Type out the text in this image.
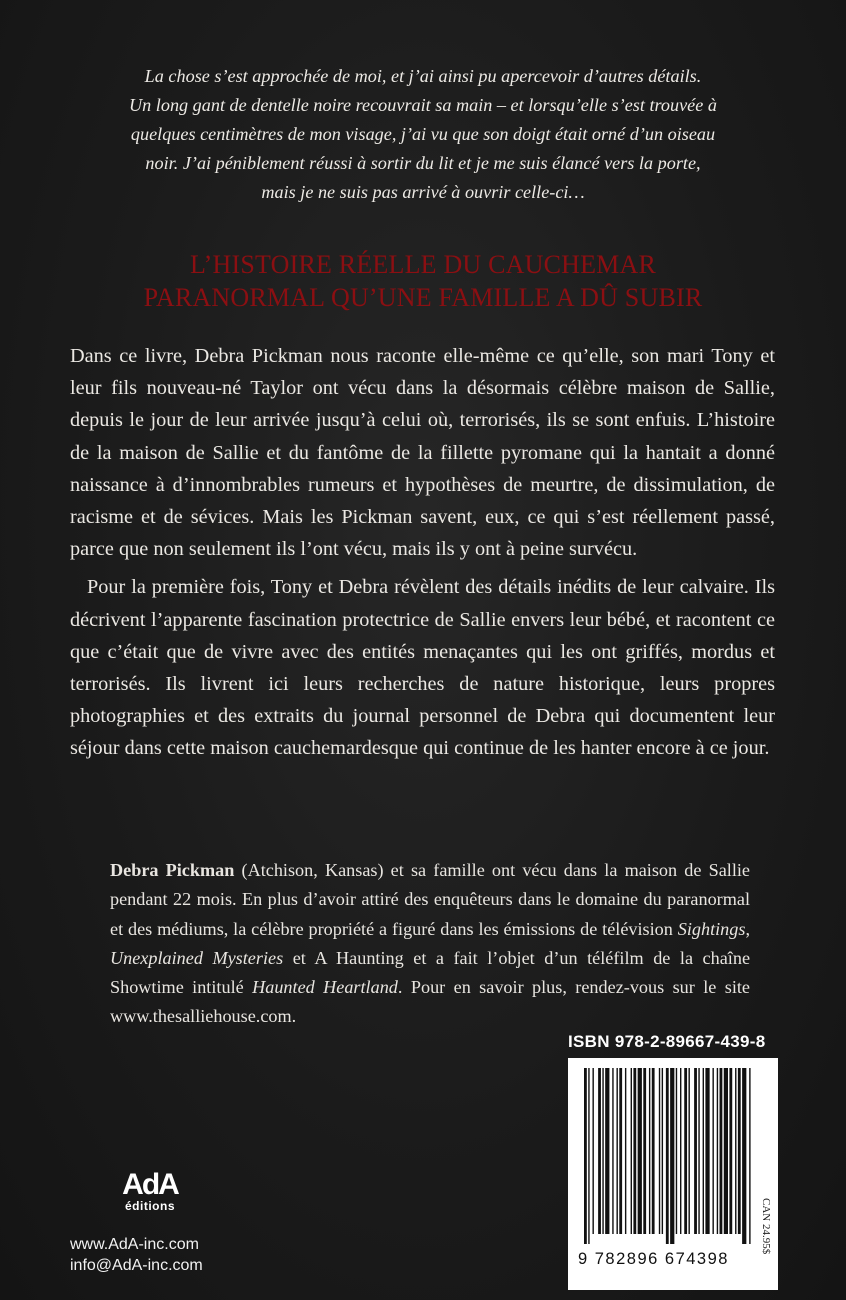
La chose s’est approchée de moi, et j’ai ainsi pu apercevoir d’autres détails.
Un long gant de dentelle noire recouvrait sa main – et lorsqu’elle s’est trouvée à
quelques centimètres de mon visage, j’ai vu que son doigt était orné d’un oiseau
noir. J’ai péniblement réussi à sortir du lit et je me suis élancé vers la porte,
mais je ne suis pas arrivé à ouvrir celle-ci…
L’HISTOIRE RÉELLE DU CAUCHEMAR
PARANORMAL QU’UNE FAMILLE A DÛ SUBIR

Dans ce livre, Debra Pickman nous raconte elle-même ce qu’elle, son mari Tony et leur fils nouveau-né Taylor ont vécu dans la désormais célèbre maison de Sallie, depuis le jour de leur arrivée jusqu’à celui où, terrorisés, ils se sont enfuis. L’histoire de la maison de Sallie et du fantôme de la fillette pyromane qui la hantait a donné naissance à d’innombrables rumeurs et hypothèses de meurtre, de dissimulation, de racisme et de sévices. Mais les Pickman savent, eux, ce qui s’est réellement passé, parce que non seulement ils l’ont vécu, mais ils y ont à peine survécu.

Pour la première fois, Tony et Debra révèlent des détails inédits de leur calvaire. Ils décrivent l’apparente fascination protectrice de Sallie envers leur bébé, et racontent ce que c’était que de vivre avec des entités menaçantes qui les ont griffés, mordus et terrorisés. Ils livrent ici leurs recherches de nature historique, leurs propres photographies et des extraits du journal personnel de Debra qui documentent leur séjour dans cette maison cauchemardesque qui continue de les hanter encore à ce jour.

Debra Pickman (Atchison, Kansas) et sa famille ont vécu dans la maison de Sallie pendant 22 mois. En plus d’avoir attiré des enquêteurs dans le domaine du paranormal et des médiums, la célèbre propriété a figuré dans les émissions de télévision Sightings, Unexplained Mysteries et A Haunting et a fait l’objet d’un téléfilm de la chaîne Showtime intitulé Haunted Heartland. Pour en savoir plus, rendez-vous sur le site www.thesalliehouse.com.
ISBN 978-2-89667-439-8
9 782896 674398
CAN 24.95$
AdA
éditions
www.AdA-inc.com
info@AdA-inc.com
